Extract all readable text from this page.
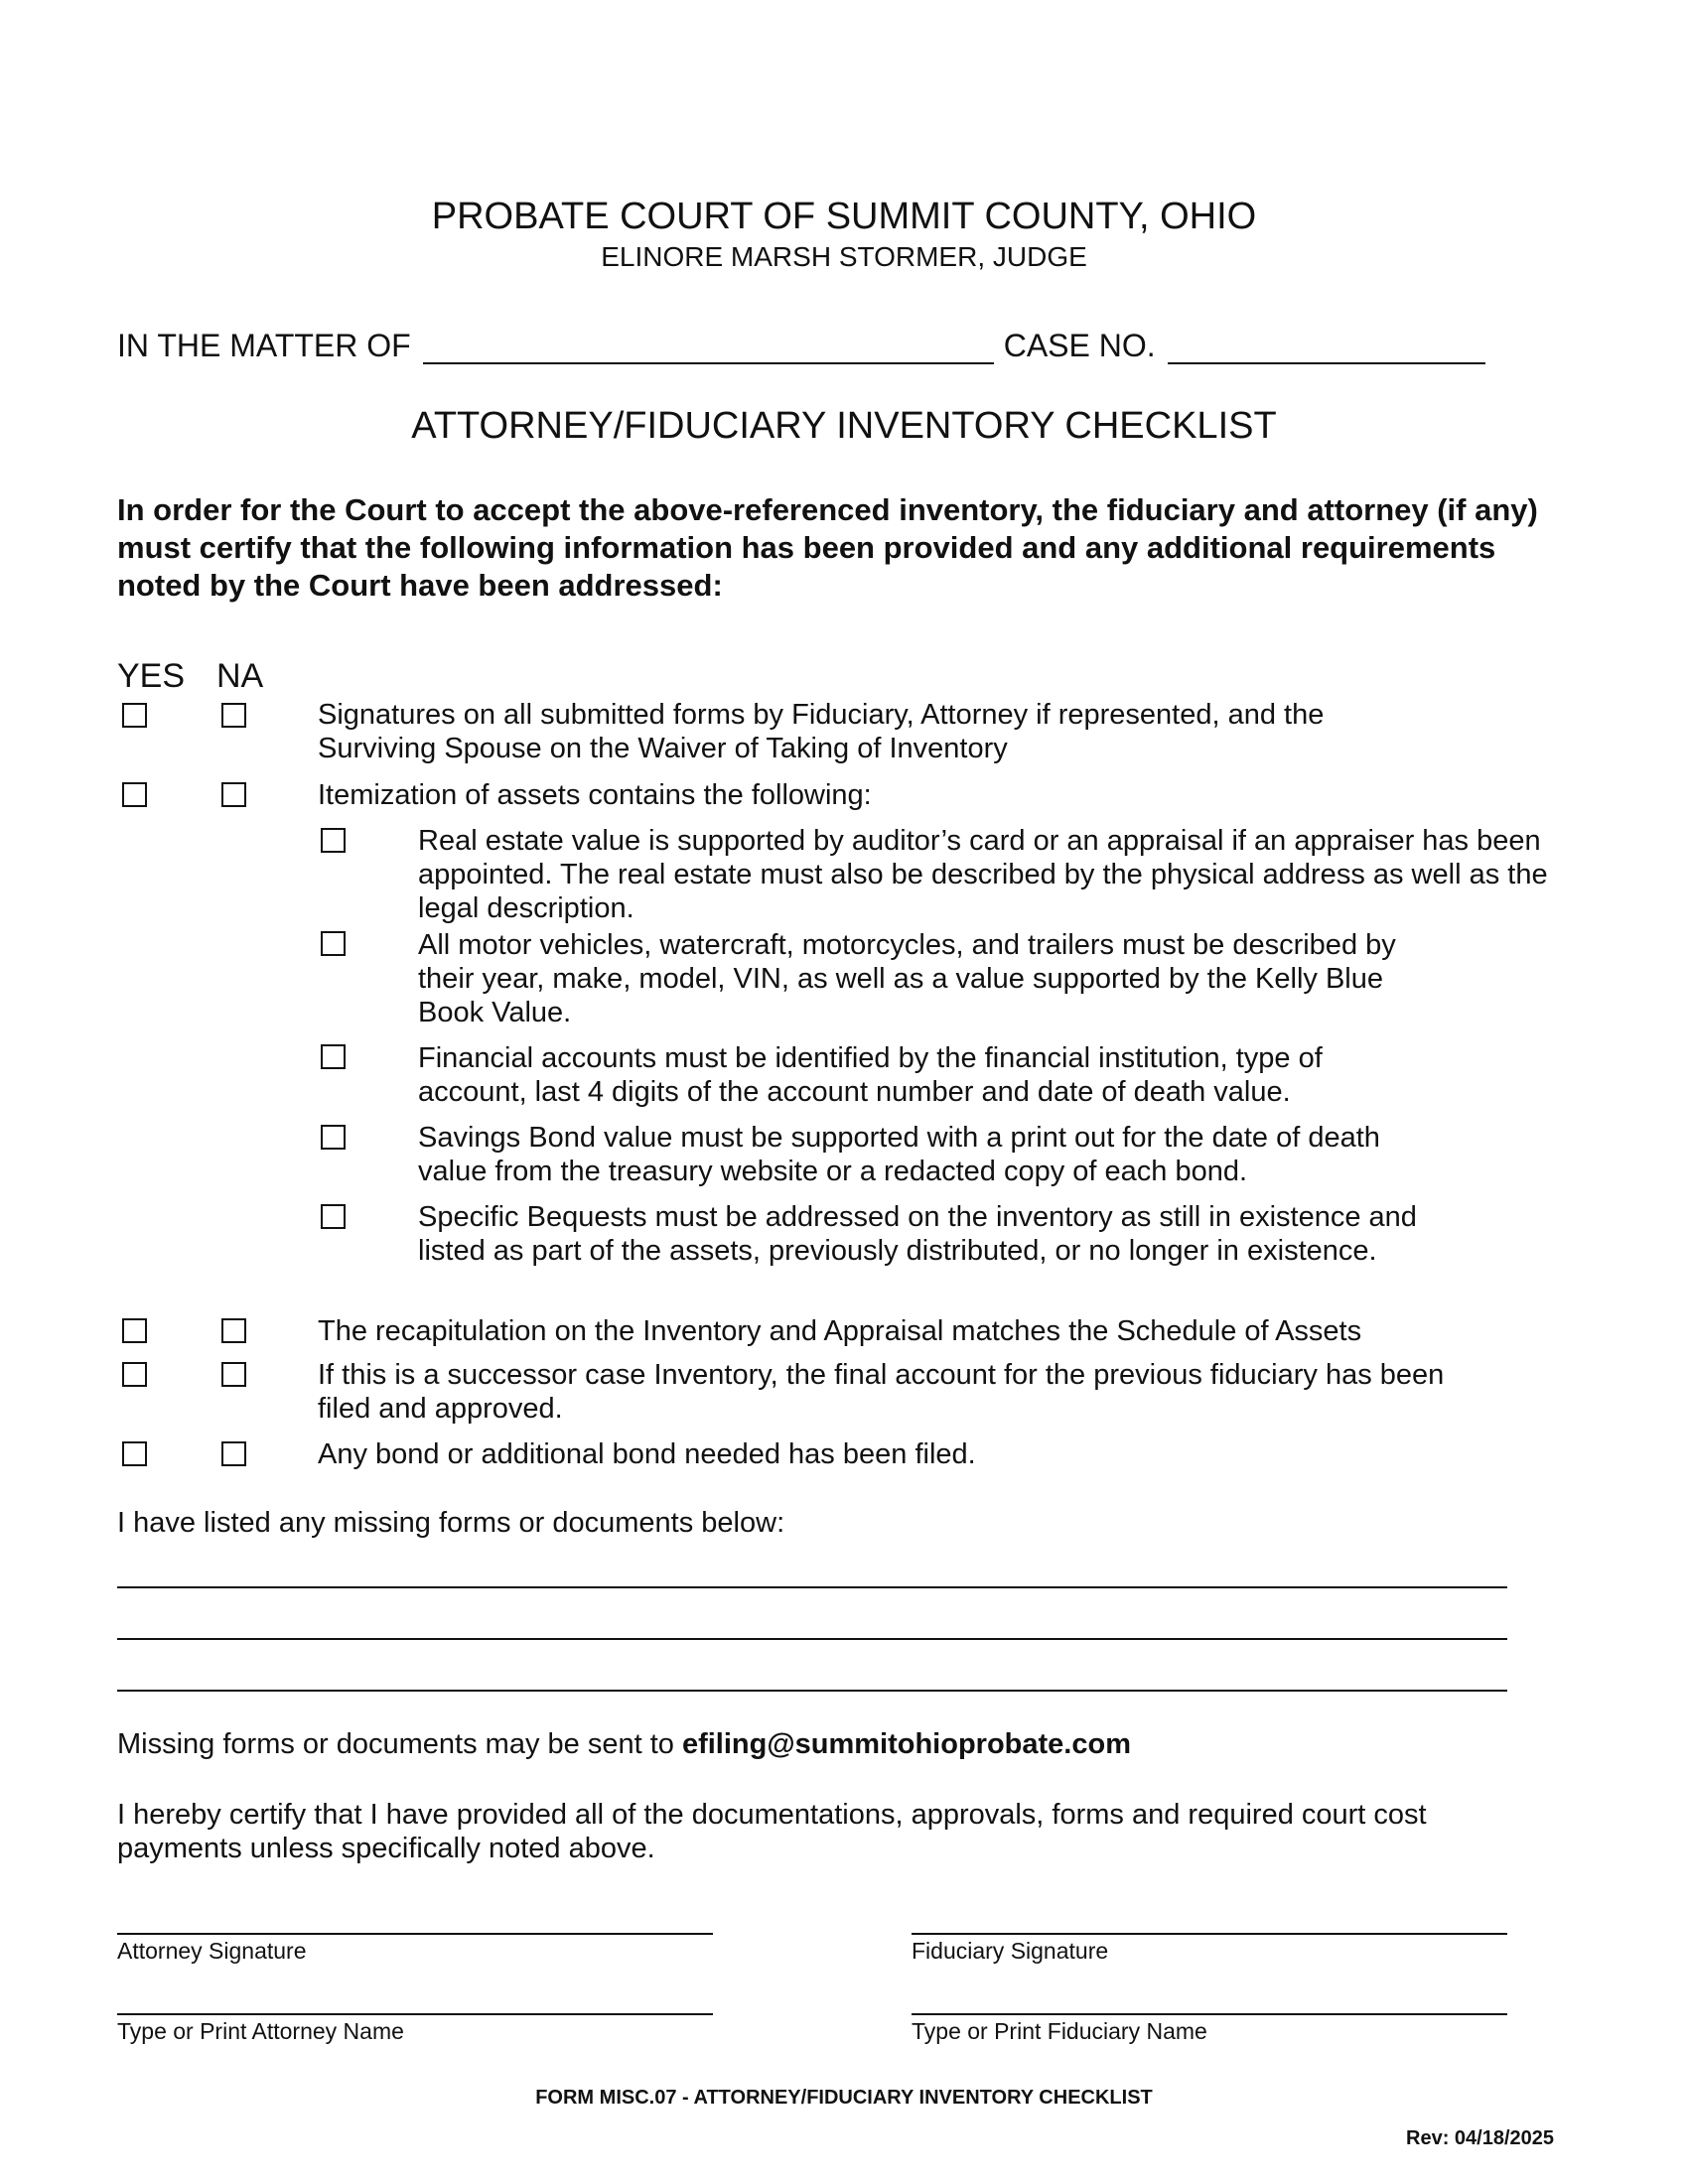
PROBATE COURT OF SUMMIT COUNTY, OHIO
ELINORE MARSH STORMER, JUDGE
IN THE MATTER OF	CASE NO.
ATTORNEY/FIDUCIARY INVENTORY CHECKLIST
In order for the Court to accept the above-referenced inventory, the fiduciary and attorney (if any) must certify that the following information has been provided and any additional requirements noted by the Court have been addressed:
YES NA
Signatures on all submitted forms by Fiduciary, Attorney if represented, and the Surviving Spouse on the Waiver of Taking of Inventory
Itemization of assets contains the following:
Real estate value is supported by auditor’s card or an appraisal if an appraiser has been appointed. The real estate must also be described by the physical address as well as the legal description.
All motor vehicles, watercraft, motorcycles, and trailers must be described by their year, make, model, VIN, as well as a value supported by the Kelly Blue Book Value.
Financial accounts must be identified by the financial institution, type of account, last 4 digits of the account number and date of death value.
Savings Bond value must be supported with a print out for the date of death value from the treasury website or a redacted copy of each bond.
Specific Bequests must be addressed on the inventory as still in existence and listed as part of the assets, previously distributed, or no longer in existence.
The recapitulation on the Inventory and Appraisal matches the Schedule of Assets
If this is a successor case Inventory, the final account for the previous fiduciary has been filed and approved.
Any bond or additional bond needed has been filed.
I have listed any missing forms or documents below:
Missing forms or documents may be sent to efiling@summitohioprobate.com
I hereby certify that I have provided all of the documentations, approvals, forms and required court cost payments unless specifically noted above.
Attorney Signature	Fiduciary Signature
Type or Print Attorney Name	Type or Print Fiduciary Name
FORM MISC.07 - ATTORNEY/FIDUCIARY INVENTORY CHECKLIST
Rev: 04/18/2025
